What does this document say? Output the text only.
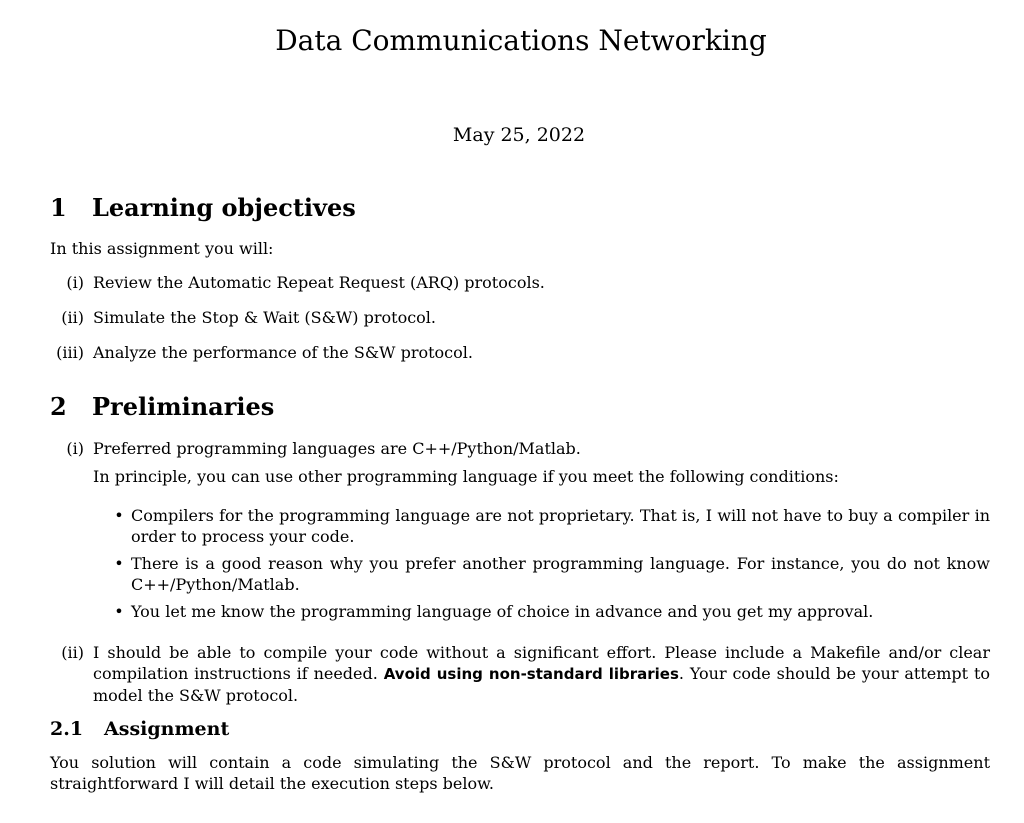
Data Communications Networking
May 25, 2022
1 Learning objectives
In this assignment you will:
(i) Review the Automatic Repeat Request (ARQ) protocols.
(ii) Simulate the Stop & Wait (S&W) protocol.
(iii) Analyze the performance of the S&W protocol.
2 Preliminaries
(i) Preferred programming languages are C++/Python/Matlab.
In principle, you can use other programming language if you meet the following conditions:
• Compilers for the programming language are not proprietary. That is, I will not have to buy a compiler in order to process your code.
• There is a good reason why you prefer another programming language. For instance, you do not know C++/Python/Matlab.
• You let me know the programming language of choice in advance and you get my approval.
(ii) I should be able to compile your code without a significant effort. Please include a Makefile and/or clear compilation instructions if needed. Avoid using non-standard libraries. Your code should be your attempt to model the S&W protocol.
2.1 Assignment
You solution will contain a code simulating the S&W protocol and the report. To make the assignment straightforward I will detail the execution steps below.
